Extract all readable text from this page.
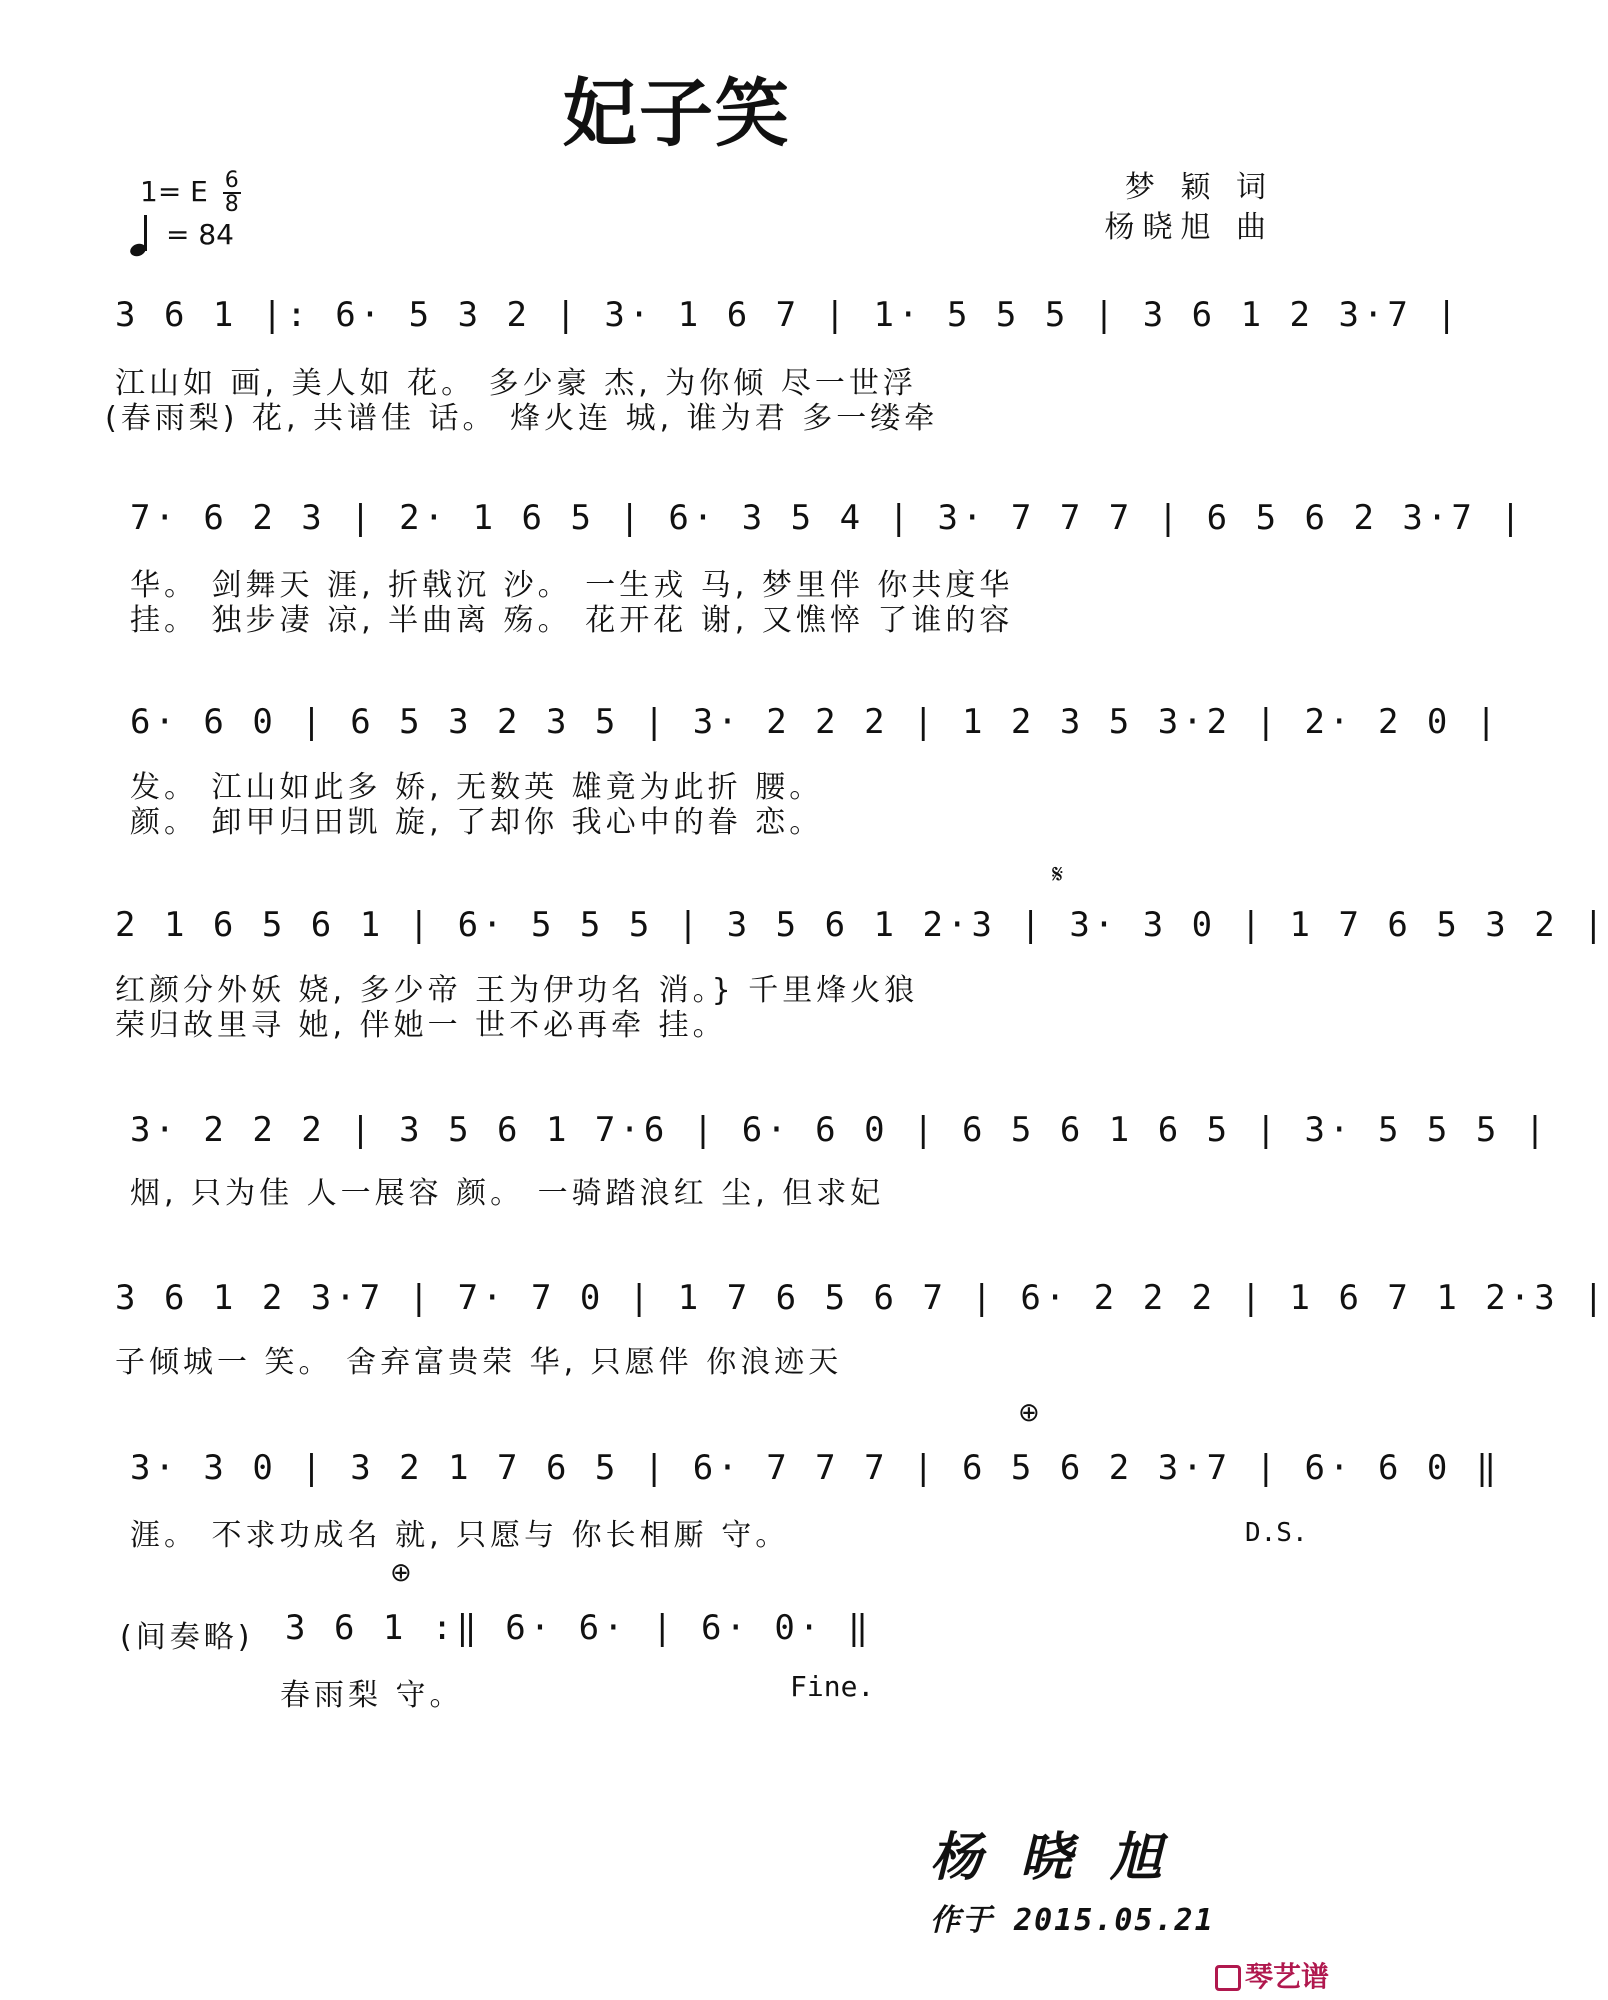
妃子笑
1= E $\frac{6}{8}$
= 84
梦 颖 词
杨晓旭 曲
3 6 1 |: 6· 5 3 2 | 3· 1 6 7 | 1· 5 5 5 | 3 6 1 2 3·7 |
江山如 画, 美人如 花。 多少豪 杰, 为你倾 尽一世浮
(春雨梨) 花, 共谱佳 话。 烽火连 城, 谁为君 多一缕牵
7· 6 2 3 | 2· 1 6 5 | 6· 3 5 4 | 3· 7 7 7 | 6 5 6 2 3·7 |
华。 剑舞天 涯, 折戟沉 沙。 一生戎 马, 梦里伴 你共度华
挂。 独步凄 凉, 半曲离 殇。 花开花 谢, 又憔悴 了谁的容
6· 6 0 | 6 5 3 2 3 5 | 3· 2 2 2 | 1 2 3 5 3·2 | 2· 2 0 |
发。 江山如此多 娇, 无数英 雄竟为此折 腰。
颜。 卸甲归田凯 旋, 了却你 我心中的眷 恋。
𝄋
2 1 6 5 6 1 | 6· 5 5 5 | 3 5 6 1 2·3 | 3· 3 0 | 1 7 6 5 3 2 |
红颜分外妖 娆, 多少帝 王为伊功名 消。} 千里烽火狼
荣归故里寻 她, 伴她一 世不必再牵 挂。
3· 2 2 2 | 3 5 6 1 7·6 | 6· 6 0 | 6 5 6 1 6 5 | 3· 5 5 5 |
烟, 只为佳 人一展容 颜。 一骑踏浪红 尘, 但求妃
3 6 1 2 3·7 | 7· 7 0 | 1 7 6 5 6 7 | 6· 2 2 2 | 1 6 7 1 2·3 |
子倾城一 笑。 舍弃富贵荣 华, 只愿伴 你浪迹天
⊕
3· 3 0 | 3 2 1 7 6 5 | 6· 7 7 7 | 6 5 6 2 3·7 | 6· 6 0 ‖
涯。 不求功成名 就, 只愿与 你长相厮 守。	D.S.
⊕
(间奏略) 3 6 1 :‖ 6· 6· | 6· 0· ‖
春雨梨 守。	Fine.
杨晓旭
作于 2015.05.21
琴艺谱
